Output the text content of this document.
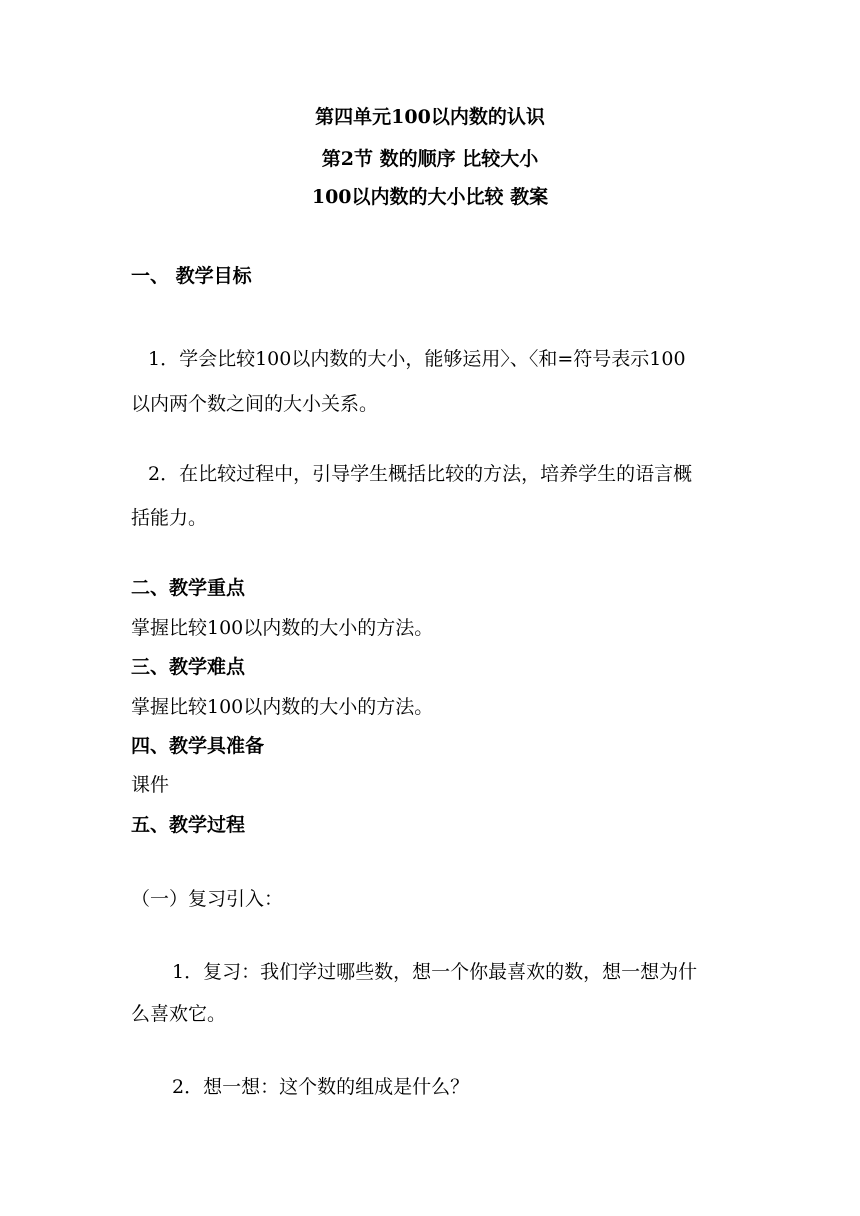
第四单元100以内数的认识
第2节 数的顺序 比较大小
100以内数的大小比较 教案
一、 教学目标
1．学会比较100以内数的大小，能够运用〉、〈和=符号表示100
以内两个数之间的大小关系。
2．在比较过程中，引导学生概括比较的方法，培养学生的语言概
括能力。
二、教学重点
掌握比较100以内数的大小的方法。
三、教学难点
掌握比较100以内数的大小的方法。
四、教学具准备
课件
五、教学过程
（一）复习引入：
1．复习：我们学过哪些数，想一个你最喜欢的数，想一想为什
么喜欢它。
2．想一想：这个数的组成是什么？
